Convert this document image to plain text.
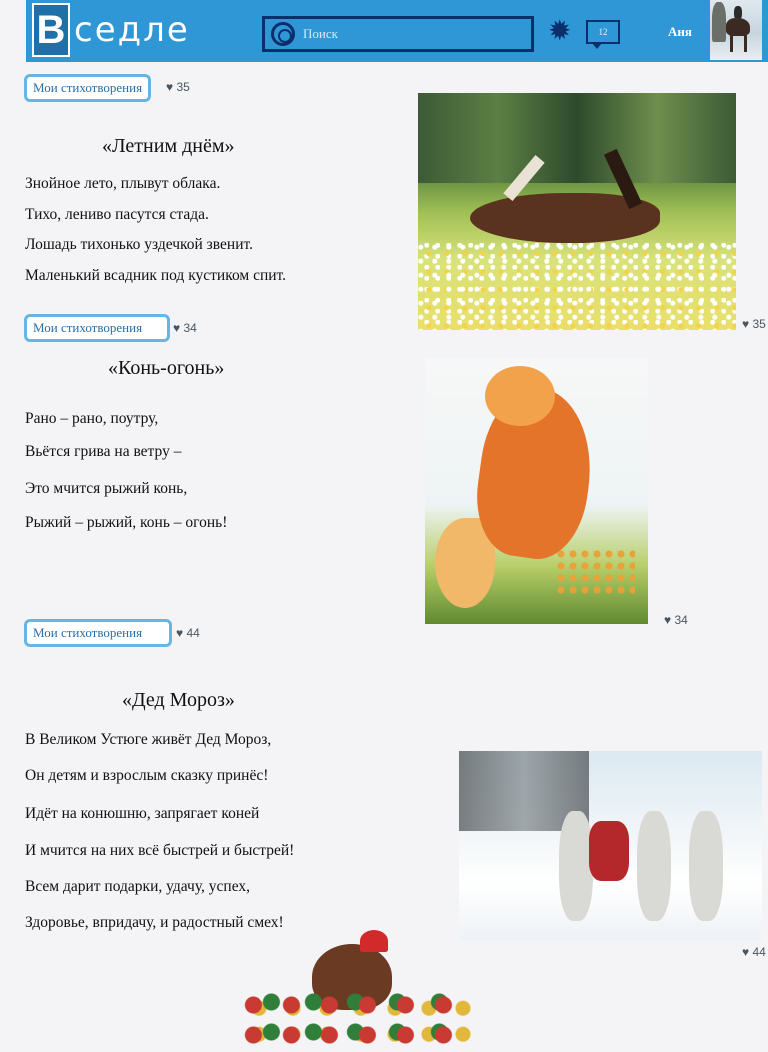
В седле
Поиск	✹	12	Аня
Мои стихотворения	♥ 35
«Летним днём»
Знойное лето, плывут облака.
Тихо, лениво пасутся стада.
Лошадь тихонько уздечкой звенит.
Маленький всадник под кустиком спит.
♥ 35
Мои стихотворения	♥ 34
«Конь-огонь»
Рано – рано, поутру,
Вьётся грива на ветру –
Это мчится рыжий конь,
Рыжий – рыжий, конь – огонь!
♥ 34
Мои стихотворения	♥ 44
«Дед Мороз»
В Великом Устюге живёт Дед Мороз,
Он детям и взрослым сказку принёс!
Идёт на конюшню, запрягает коней
И мчится на них всё быстрей и быстрей!
Всем дарит подарки, удачу, успех,
Здоровье, впридачу, и радостный смех!
♥ 44
